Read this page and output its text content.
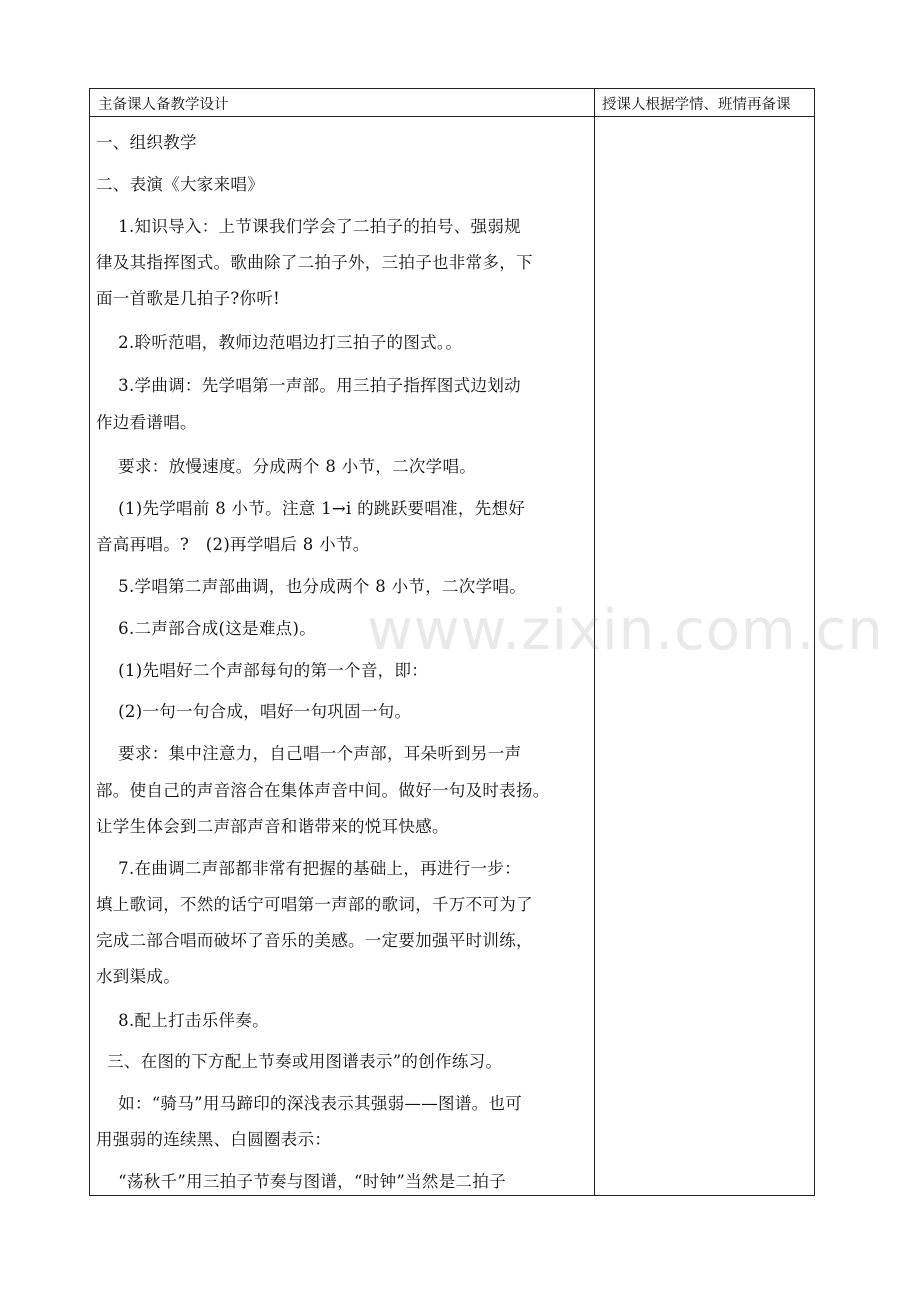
主备课人备教学设计	授课人根据学情、班情再备课
一、组织教学
二、表演《大家来唱》
1.知识导入：上节课我们学会了二拍子的拍号、强弱规
律及其指挥图式。歌曲除了二拍子外，三拍子也非常多，下
面一首歌是几拍子?你听!
2.聆听范唱，教师边范唱边打三拍子的图式。。
3.学曲调：先学唱第一声部。用三拍子指挥图式边划动
作边看谱唱。
要求：放慢速度。分成两个 8 小节，二次学唱。
(1)先学唱前 8 小节。注意 1→i 的跳跃要唱准，先想好
音高再唱。?   (2)再学唱后 8 小节。
5.学唱第二声部曲调，也分成两个 8 小节，二次学唱。
6.二声部合成(这是难点)。
(1)先唱好二个声部每句的第一个音，即：
(2)一句一句合成，唱好一句巩固一句。
要求：集中注意力，自己唱一个声部，耳朵听到另一声
部。使自己的声音溶合在集体声音中间。做好一句及时表扬。
让学生体会到二声部声音和谐带来的悦耳快感。
7.在曲调二声部都非常有把握的基础上，再进行一步：
填上歌词，不然的话宁可唱第一声部的歌词，千万不可为了
完成二部合唱而破坏了音乐的美感。一定要加强平时训练，
水到渠成。
8.配上打击乐伴奏。
三、在图的下方配上节奏或用图谱表示”的创作练习。
如：“骑马”用马蹄印的深浅表示其强弱——图谱。也可
用强弱的连续黑、白圆圈表示：
“荡秋千”用三拍子节奏与图谱，“时钟”当然是二拍子
www.zixin.com.cn
